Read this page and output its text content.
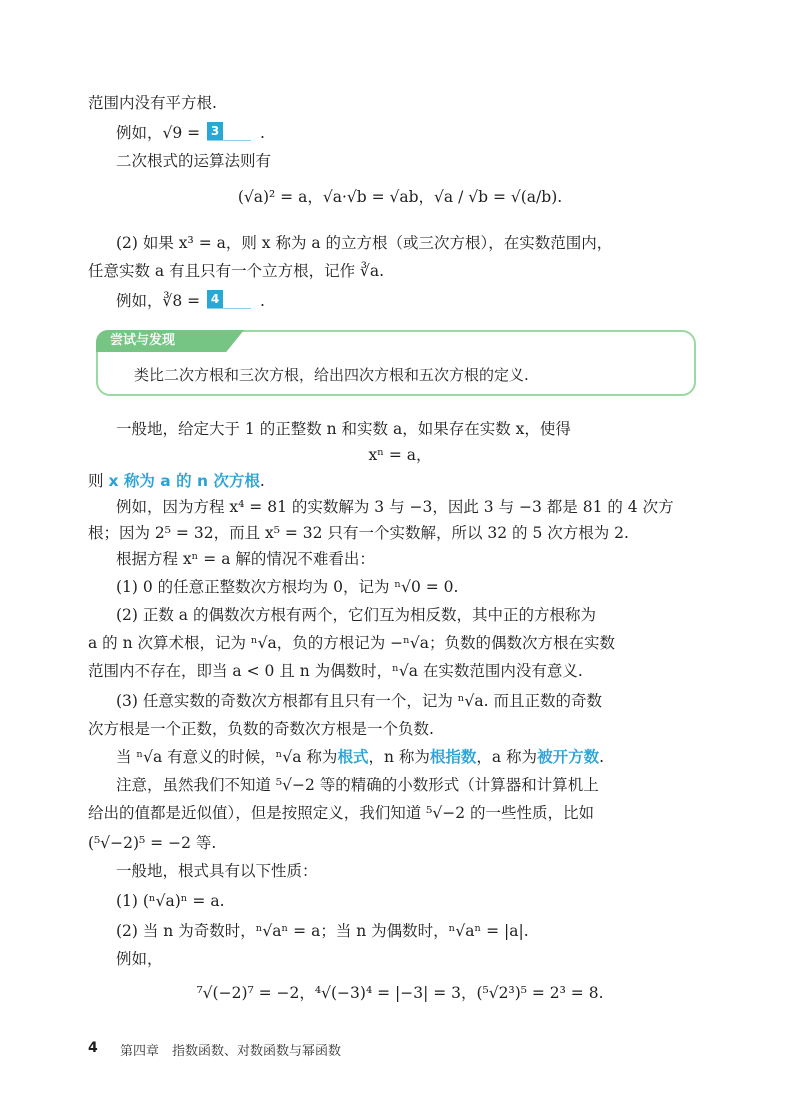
范围内没有平方根.
例如，√9 = 3	.
二次根式的运算法则有
(√a)² = a，√a·√b = √ab，√a / √b = √(a/b).
(2) 如果 x³ = a，则 x 称为 a 的立方根（或三次方根），在实数范围内，
任意实数 a 有且只有一个立方根，记作 ∛a.
例如，∛8 = 4	.
尝试与发现
类比二次方根和三次方根，给出四次方根和五次方根的定义.
一般地，给定大于 1 的正整数 n 和实数 a，如果存在实数 x，使得
xⁿ = a，
则 x 称为 a 的 n 次方根.
例如，因为方程 x⁴ = 81 的实数解为 3 与 −3，因此 3 与 −3 都是 81 的 4 次方
根；因为 2⁵ = 32，而且 x⁵ = 32 只有一个实数解，所以 32 的 5 次方根为 2.
根据方程 xⁿ = a 解的情况不难看出：
(1) 0 的任意正整数次方根均为 0，记为 ⁿ√0 = 0.
(2) 正数 a 的偶数次方根有两个，它们互为相反数，其中正的方根称为
a 的 n 次算术根，记为 ⁿ√a，负的方根记为 −ⁿ√a；负数的偶数次方根在实数
范围内不存在，即当 a < 0 且 n 为偶数时，ⁿ√a 在实数范围内没有意义.
(3) 任意实数的奇数次方根都有且只有一个，记为 ⁿ√a. 而且正数的奇数
次方根是一个正数，负数的奇数次方根是一个负数.
当 ⁿ√a 有意义的时候，ⁿ√a 称为根式，n 称为根指数，a 称为被开方数.
注意，虽然我们不知道 ⁵√−2 等的精确的小数形式（计算器和计算机上
给出的值都是近似值），但是按照定义，我们知道 ⁵√−2 的一些性质，比如
(⁵√−2)⁵ = −2 等.
一般地，根式具有以下性质：
(1) (ⁿ√a)ⁿ = a.
(2) 当 n 为奇数时，ⁿ√aⁿ = a；当 n 为偶数时，ⁿ√aⁿ = |a|.
例如，
⁷√(−2)⁷ = −2，⁴√(−3)⁴ = |−3| = 3，(⁵√2³)⁵ = 2³ = 8.
4 第四章　指数函数、对数函数与幂函数
